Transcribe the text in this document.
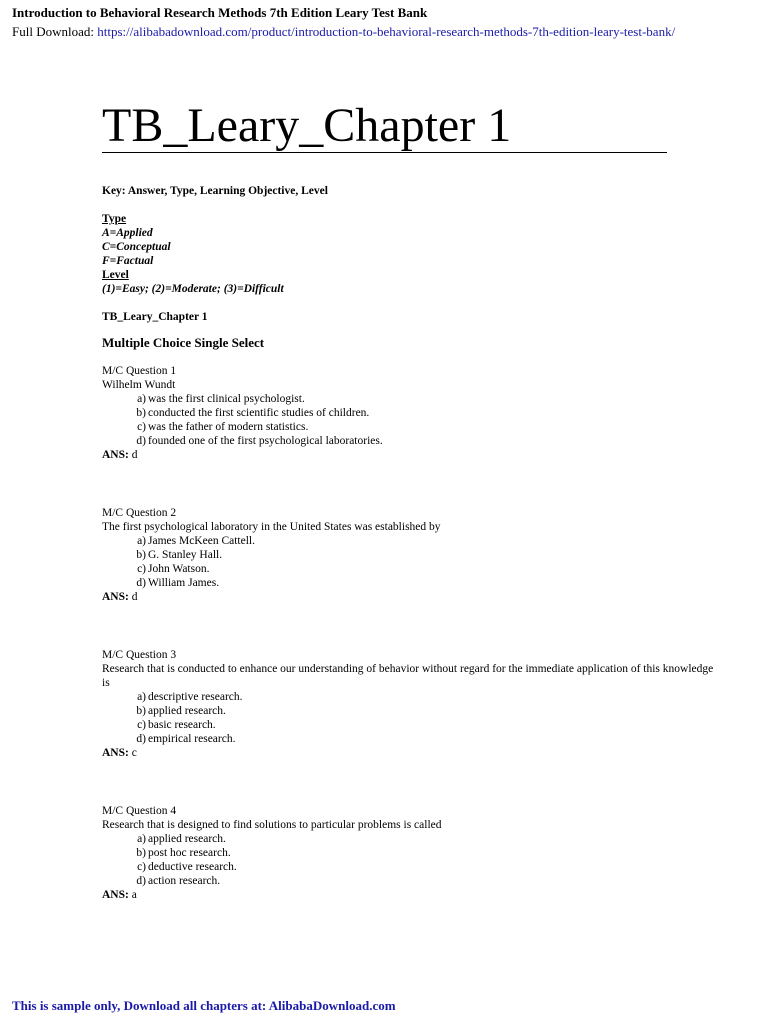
Introduction to Behavioral Research Methods 7th Edition Leary Test Bank
Full Download: https://alibabadownload.com/product/introduction-to-behavioral-research-methods-7th-edition-leary-test-bank/
TB_Leary_Chapter 1
Key: Answer, Type, Learning Objective, Level
Type
A=Applied
C=Conceptual
F=Factual
Level
(1)=Easy; (2)=Moderate; (3)=Difficult
TB_Leary_Chapter 1
Multiple Choice Single Select
M/C Question 1
Wilhelm Wundt
a) was the first clinical psychologist.
b) conducted the first scientific studies of children.
c) was the father of modern statistics.
d) founded one of the first psychological laboratories.
ANS: d
M/C Question 2
The first psychological laboratory in the United States was established by
a) James McKeen Cattell.
b) G. Stanley Hall.
c) John Watson.
d) William James.
ANS: d
M/C Question 3
Research that is conducted to enhance our understanding of behavior without regard for the immediate application of this knowledge is
a) descriptive research.
b) applied research.
c) basic research.
d) empirical research.
ANS: c
M/C Question 4
Research that is designed to find solutions to particular problems is called
a) applied research.
b) post hoc research.
c) deductive research.
d) action research.
ANS: a
This is sample only, Download all chapters at: AlibabaDownload.com
